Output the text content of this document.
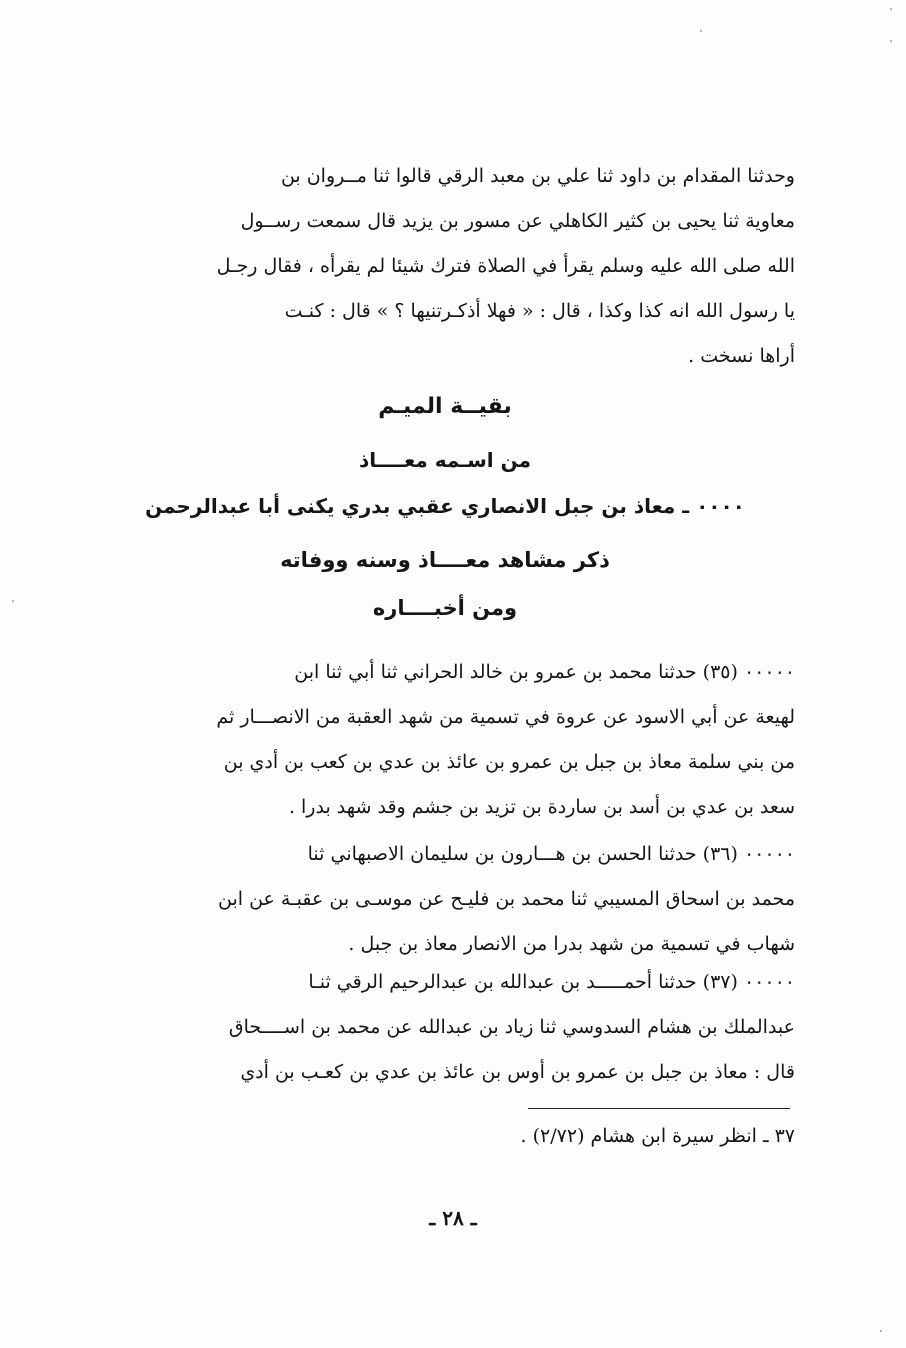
وحدثنا المقدام بن داود ثنا علي بن معبد الرقي قالوا ثنا مــروان بن

معاوية ثنا يحيى بن كثير الكاهلي عن مسور بن يزيد قال سمعت رســول

الله صلى الله عليه وسلم يقرأ في الصلاة فترك شيئا لم يقرأه ، فقال رجـل

يا رسول الله انه كذا وكذا ، قال : « فهلا أذكـرتنيها ؟ » قال : كنـت

أراها نسخت .

بقيــة الميـم
من اسـمه معــــاذ
٠٠٠٠ ـ معاذ بن جبل الانصاري عقبي بدري يكنى أبا عبدالرحمن
ذكر مشاهد معــــاذ وسنه ووفاته
ومن أخبــــاره

٠٠٠٠٠ (٣٥) حدثنا محمد بن عمرو بن خالد الحراني ثنا أبي ثنا ابن

لهيعة عن أبي الاسود عن عروة في تسمية من شهد العقبة من الانصـــار ثم

من بني سلمة معاذ بن جبل بن عمرو بن عائذ بن عدي بن كعب بن أدي بن

سعد بن عدي بن أسد بن ساردة بن تزيد بن جشم وقد شهد بدرا .

٠٠٠٠٠ (٣٦) حدثنا الحسن بن هـــارون بن سليمان الاصبهاني ثنا

محمد بن اسحاق المسيبي ثنا محمد بن فليـح عن موسـى بن عقبـة عن ابن

شهاب في تسمية من شهد بدرا من الانصار معاذ بن جبل .

٠٠٠٠٠ (٣٧) حدثنا أحمـــــد بن عبدالله بن عبدالرحيم الرقي ثنـا

عبدالملك بن هشام السدوسي ثنا زياد بن عبدالله عن محمد بن اســــحاق

قال : معاذ بن جبل بن عمرو بن أوس بن عائذ بن عدي بن كعـب بن أدي

٣٧ ـ انظر سيرة ابن هشام (٢/٧٢) .
ـ ٢٨ ـ
